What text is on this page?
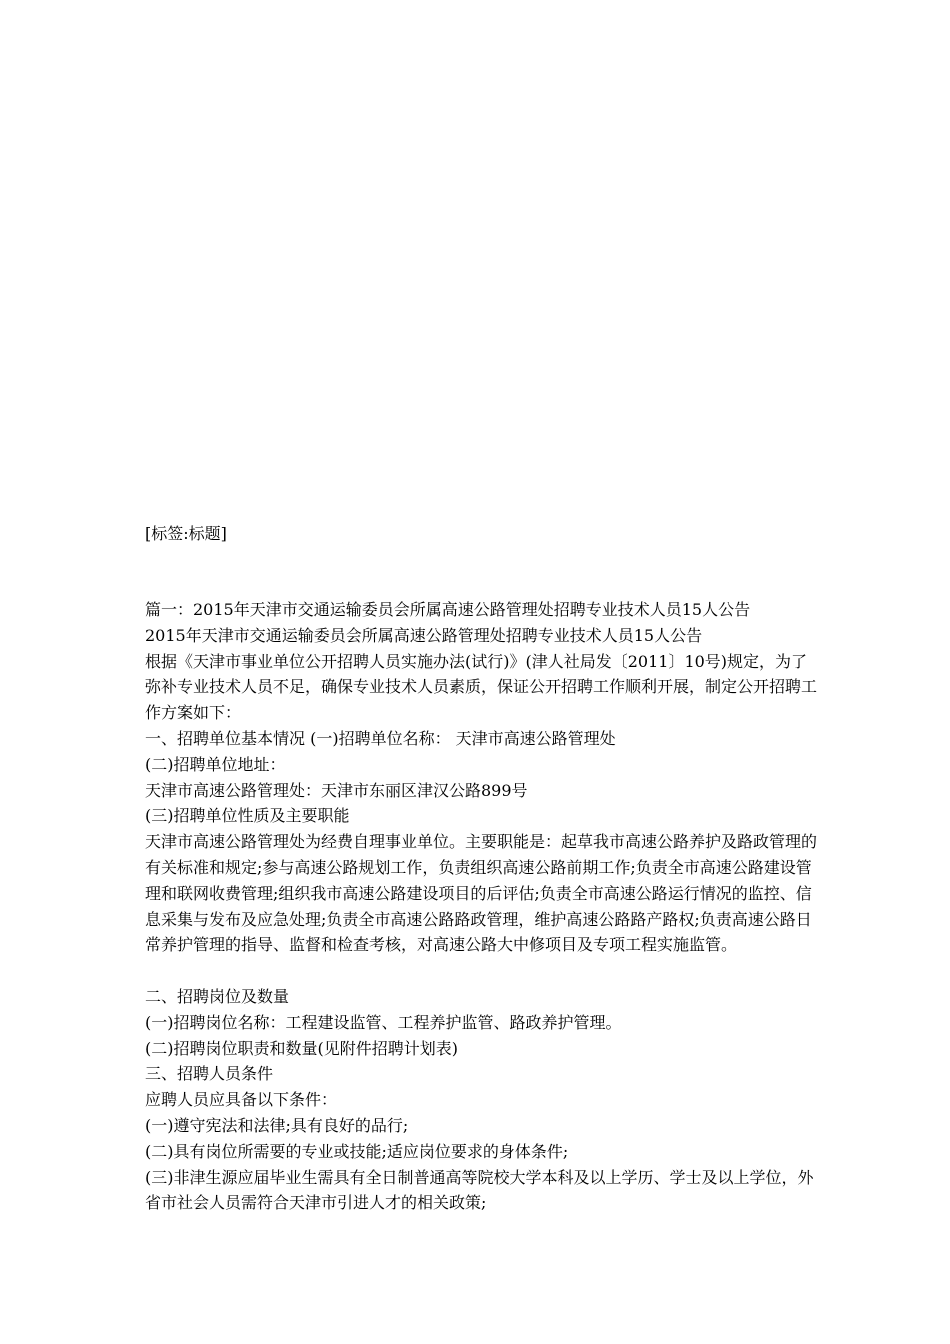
[标签:标题]

篇一：2015年天津市交通运输委员会所属高速公路管理处招聘专业技术人员15人公告

2015年天津市交通运输委员会所属高速公路管理处招聘专业技术人员15人公告

根据《天津市事业单位公开招聘人员实施办法(试行)》(津人社局发〔2011〕10号)规定，为了弥补专业技术人员不足，确保专业技术人员素质，保证公开招聘工作顺利开展，制定公开招聘工作方案如下：

一、招聘单位基本情况 (一)招聘单位名称： 天津市高速公路管理处

(二)招聘单位地址：

天津市高速公路管理处：天津市东丽区津汉公路899号

(三)招聘单位性质及主要职能

天津市高速公路管理处为经费自理事业单位。主要职能是：起草我市高速公路养护及路政管理的有关标准和规定;参与高速公路规划工作，负责组织高速公路前期工作;负责全市高速公路建设管理和联网收费管理;组织我市高速公路建设项目的后评估;负责全市高速公路运行情况的监控、信息采集与发布及应急处理;负责全市高速公路路政管理，维护高速公路路产路权;负责高速公路日常养护管理的指导、监督和检查考核，对高速公路大中修项目及专项工程实施监管。

二、招聘岗位及数量

(一)招聘岗位名称：工程建设监管、工程养护监管、路政养护管理。

(二)招聘岗位职责和数量(见附件招聘计划表)

三、招聘人员条件

应聘人员应具备以下条件：

(一)遵守宪法和法律;具有良好的品行;

(二)具有岗位所需要的专业或技能;适应岗位要求的身体条件;

(三)非津生源应届毕业生需具有全日制普通高等院校大学本科及以上学历、学士及以上学位，外省市社会人员需符合天津市引进人才的相关政策;
